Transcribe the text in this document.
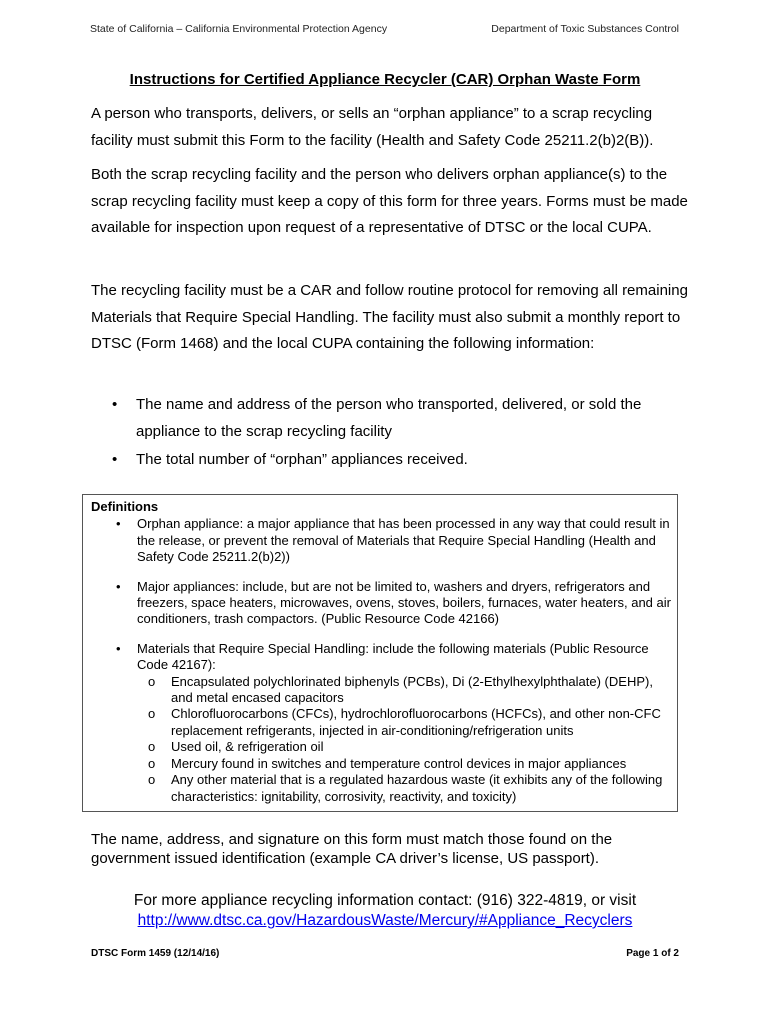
State of California – California Environmental Protection Agency	Department of Toxic Substances Control
Instructions for Certified Appliance Recycler (CAR) Orphan Waste Form
A person who transports, delivers, or sells an “orphan appliance” to a scrap recycling facility must submit this Form to the facility (Health and Safety Code 25211.2(b)2(B)).
Both the scrap recycling facility and the person who delivers orphan appliance(s) to the scrap recycling facility must keep a copy of this form for three years. Forms must be made available for inspection upon request of a representative of DTSC or the local CUPA.
The recycling facility must be a CAR and follow routine protocol for removing all remaining Materials that Require Special Handling. The facility must also submit a monthly report to DTSC (Form 1468) and the local CUPA containing the following information:
• The name and address of the person who transported, delivered, or sold the appliance to the scrap recycling facility
• The total number of “orphan” appliances received.
Definitions
• Orphan appliance: a major appliance that has been processed in any way that could result in the release, or prevent the removal of Materials that Require Special Handling (Health and Safety Code 25211.2(b)2))
• Major appliances: include, but are not be limited to, washers and dryers, refrigerators and freezers, space heaters, microwaves, ovens, stoves, boilers, furnaces, water heaters, and air conditioners, trash compactors. (Public Resource Code 42166)
• Materials that Require Special Handling: include the following materials (Public Resource Code 42167):
o Encapsulated polychlorinated biphenyls (PCBs), Di (2-Ethylhexylphthalate) (DEHP), and metal encased capacitors
o Chlorofluorocarbons (CFCs), hydrochlorofluorocarbons (HCFCs), and other non-CFC replacement refrigerants, injected in air-conditioning/refrigeration units
o Used oil, & refrigeration oil
o Mercury found in switches and temperature control devices in major appliances
o Any other material that is a regulated hazardous waste (it exhibits any of the following characteristics: ignitability, corrosivity, reactivity, and toxicity)
The name, address, and signature on this form must match those found on the government issued identification (example CA driver’s license, US passport).
For more appliance recycling information contact: (916) 322-4819, or visit
http://www.dtsc.ca.gov/HazardousWaste/Mercury/#Appliance_Recyclers
DTSC Form 1459 (12/14/16)	Page 1 of 2
